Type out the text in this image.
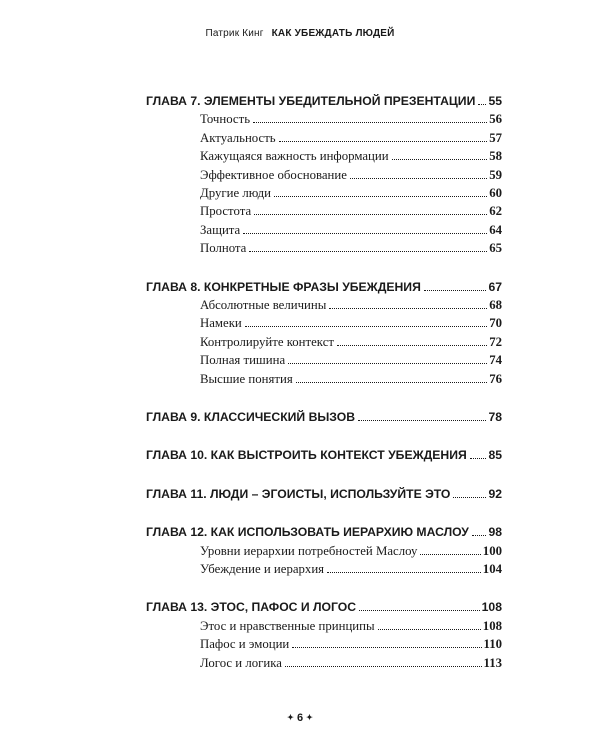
Патрик Кинг КАК УБЕЖДАТЬ ЛЮДЕЙ
ГЛАВА 7. ЭЛЕМЕНТЫ УБЕДИТЕЛЬНОЙ ПРЕЗЕНТАЦИИ 55
Точность	56
Актуальность	57
Кажущаяся важность информации	58
Эффективное обоснование	59
Другие люди	60
Простота	62
Защита	64
Полнота	65
ГЛАВА 8. КОНКРЕТНЫЕ ФРАЗЫ УБЕЖДЕНИЯ	67
Абсолютные величины	68
Намеки	70
Контролируйте контекст	72
Полная тишина	74
Высшие понятия	76
ГЛАВА 9. КЛАССИЧЕСКИЙ ВЫЗОВ	78
ГЛАВА 10. КАК ВЫСТРОИТЬ КОНТЕКСТ УБЕЖДЕНИЯ 85
ГЛАВА 11. ЛЮДИ – ЭГОИСТЫ, ИСПОЛЬЗУЙТЕ ЭТО	92
ГЛАВА 12. КАК ИСПОЛЬЗОВАТЬ ИЕРАРХИЮ МАСЛОУ 98
Уровни иерархии потребностей Маслоу	100
Убеждение и иерархия	104
ГЛАВА 13. ЭТОС, ПАФОС И ЛОГОС	108
Этос и нравственные принципы	108
Пафос и эмоции	110
Логос и логика	113
✦ 6 ✦
